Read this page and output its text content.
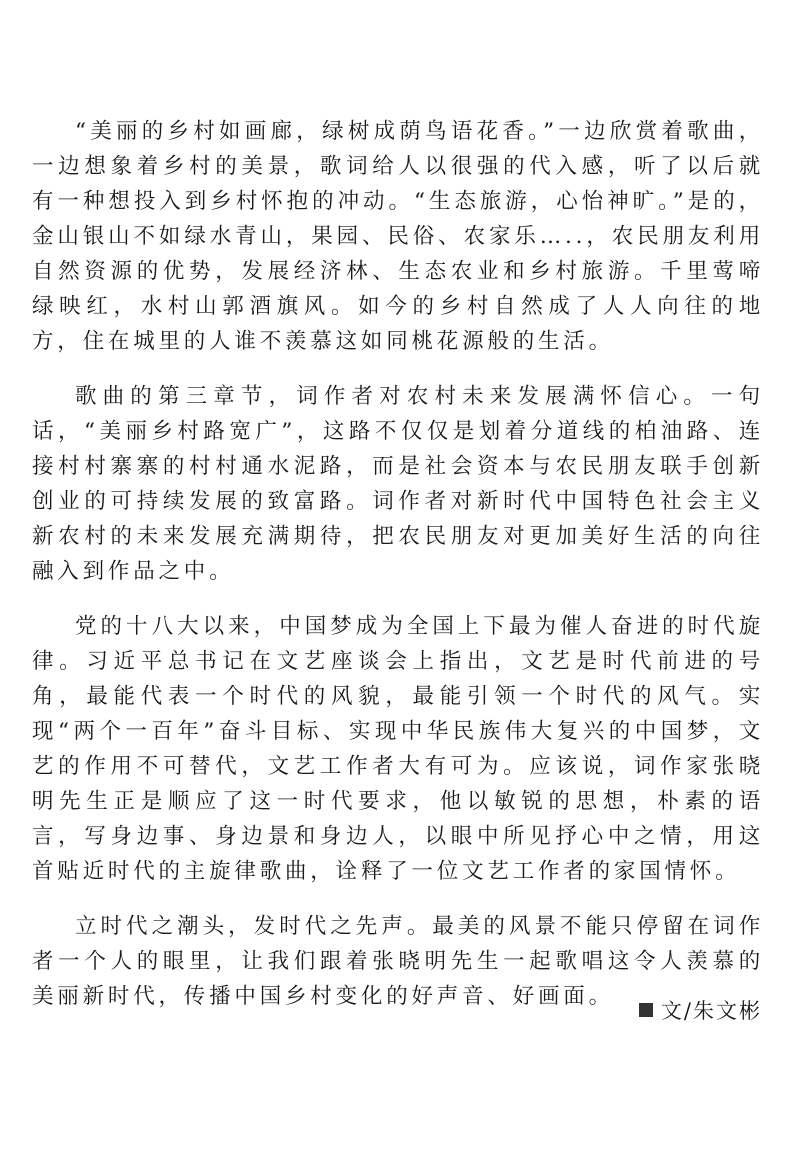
“美丽的乡村如画廊，绿树成荫鸟语花香。”一边欣赏着歌曲，一边想象着乡村的美景，歌词给人以很强的代入感，听了以后就有一种想投入到乡村怀抱的冲动。“生态旅游，心怡神旷。”是的，金山银山不如绿水青山，果园、民俗、农家乐…..，农民朋友利用自然资源的优势，发展经济林、生态农业和乡村旅游。千里莺啼绿映红，水村山郭酒旗风。如今的乡村自然成了人人向往的地方，住在城里的人谁不羡慕这如同桃花源般的生活。

歌曲的第三章节，词作者对农村未来发展满怀信心。一句话，“美丽乡村路宽广”，这路不仅仅是划着分道线的柏油路、连接村村寨寨的村村通水泥路，而是社会资本与农民朋友联手创新创业的可持续发展的致富路。词作者对新时代中国特色社会主义新农村的未来发展充满期待，把农民朋友对更加美好生活的向往融入到作品之中。

党的十八大以来，中国梦成为全国上下最为催人奋进的时代旋律。习近平总书记在文艺座谈会上指出，文艺是时代前进的号角，最能代表一个时代的风貌，最能引领一个时代的风气。实现“两个一百年”奋斗目标、实现中华民族伟大复兴的中国梦，文艺的作用不可替代，文艺工作者大有可为。应该说，词作家张晓明先生正是顺应了这一时代要求，他以敏锐的思想，朴素的语言，写身边事、身边景和身边人，以眼中所见抒心中之情，用这首贴近时代的主旋律歌曲，诠释了一位文艺工作者的家国情怀。

立时代之潮头，发时代之先声。最美的风景不能只停留在词作者一个人的眼里，让我们跟着张晓明先生一起歌唱这令人羡慕的美丽新时代，传播中国乡村变化的好声音、好画面。

文/朱文彬
